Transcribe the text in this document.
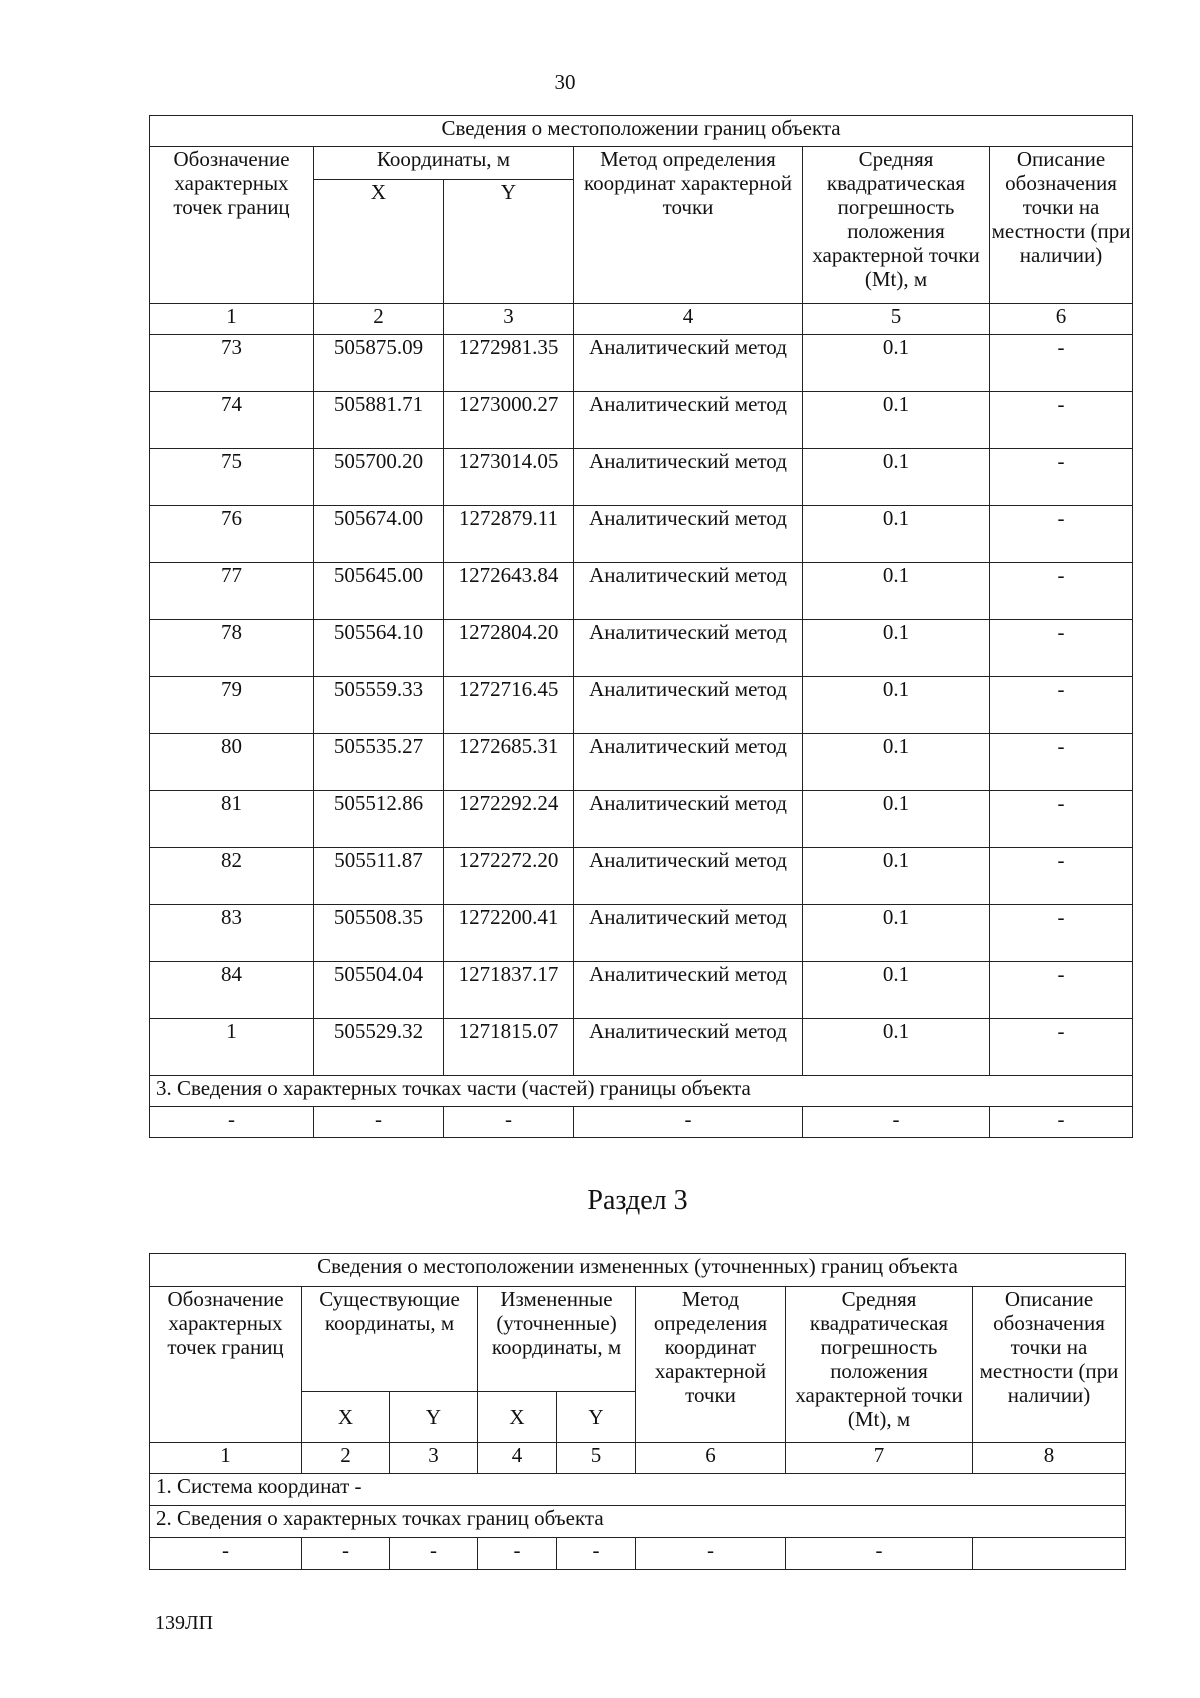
30
Сведения о местоположении границ объекта					
Обозначение характерных точек границ	Координаты, м		Метод определения координат характерной точки	Средняя квадратическая погрешность положения характерной точки (Mt), м	Описание обозначения точки на местности (при наличии)
	X	Y			
1	2	3	4	5	6
73	505875.09	1272981.35	Аналитический метод	0.1	-
74	505881.71	1273000.27	Аналитический метод	0.1	-
75	505700.20	1273014.05	Аналитический метод	0.1	-
76	505674.00	1272879.11	Аналитический метод	0.1	-
77	505645.00	1272643.84	Аналитический метод	0.1	-
78	505564.10	1272804.20	Аналитический метод	0.1	-
79	505559.33	1272716.45	Аналитический метод	0.1	-
80	505535.27	1272685.31	Аналитический метод	0.1	-
81	505512.86	1272292.24	Аналитический метод	0.1	-
82	505511.87	1272272.20	Аналитический метод	0.1	-
83	505508.35	1272200.41	Аналитический метод	0.1	-
84	505504.04	1271837.17	Аналитический метод	0.1	-
1	505529.32	1271815.07	Аналитический метод	0.1	-
3. Сведения о характерных точках части (частей) границы объекта					
-	-	-	-	-	-
Раздел 3
Сведения о местоположении измененных (уточненных) границ объекта							
Обозначение характерных точек границ	Существующие координаты, м		Измененные (уточненные) координаты, м		Метод определения координат характерной точки	Средняя квадратическая погрешность положения характерной точки (Mt), м	Описание обозначения точки на местности (при наличии)
	X	Y	X	Y			
1	2	3	4	5	6	7	8
1. Система координат -							
2. Сведения о характерных точках границ объекта							
-	-	-	-	-	-	-	
139ЛП
